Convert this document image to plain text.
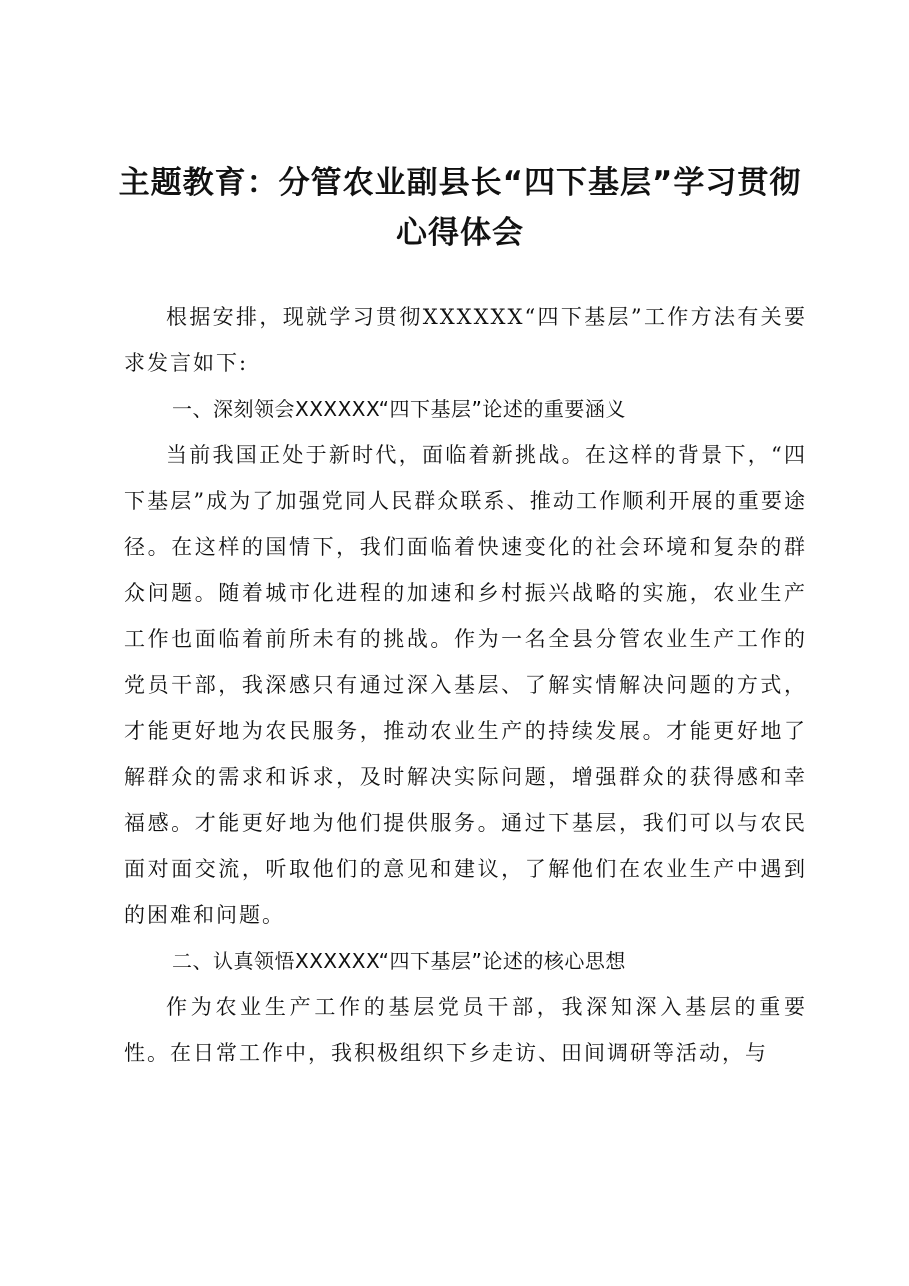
主题教育：分管农业副县长“四下基层”学习贯彻心得体会

根据安排，现就学习贯彻XXXXXX“四下基层”工作方法有关要求发言如下:

一、深刻领会XXXXXX“四下基层”论述的重要涵义

当前我国正处于新时代，面临着新挑战。在这样的背景下，“四下基层”成为了加强党同人民群众联系、推动工作顺利开展的重要途径。在这样的国情下，我们面临着快速变化的社会环境和复杂的群众问题。随着城市化进程的加速和乡村振兴战略的实施，农业生产工作也面临着前所未有的挑战。作为一名全县分管农业生产工作的党员干部，我深感只有通过深入基层、了解实情解决问题的方式，才能更好地为农民服务，推动农业生产的持续发展。才能更好地了解群众的需求和诉求，及时解决实际问题，增强群众的获得感和幸福感。才能更好地为他们提供服务。通过下基层，我们可以与农民面对面交流，听取他们的意见和建议，了解他们在农业生产中遇到的困难和问题。

二、认真领悟XXXXXX“四下基层”论述的核心思想

作为农业生产工作的基层党员干部，我深知深入基层的重要性。在日常工作中，我积极组织下乡走访、田间调研等活动，与
